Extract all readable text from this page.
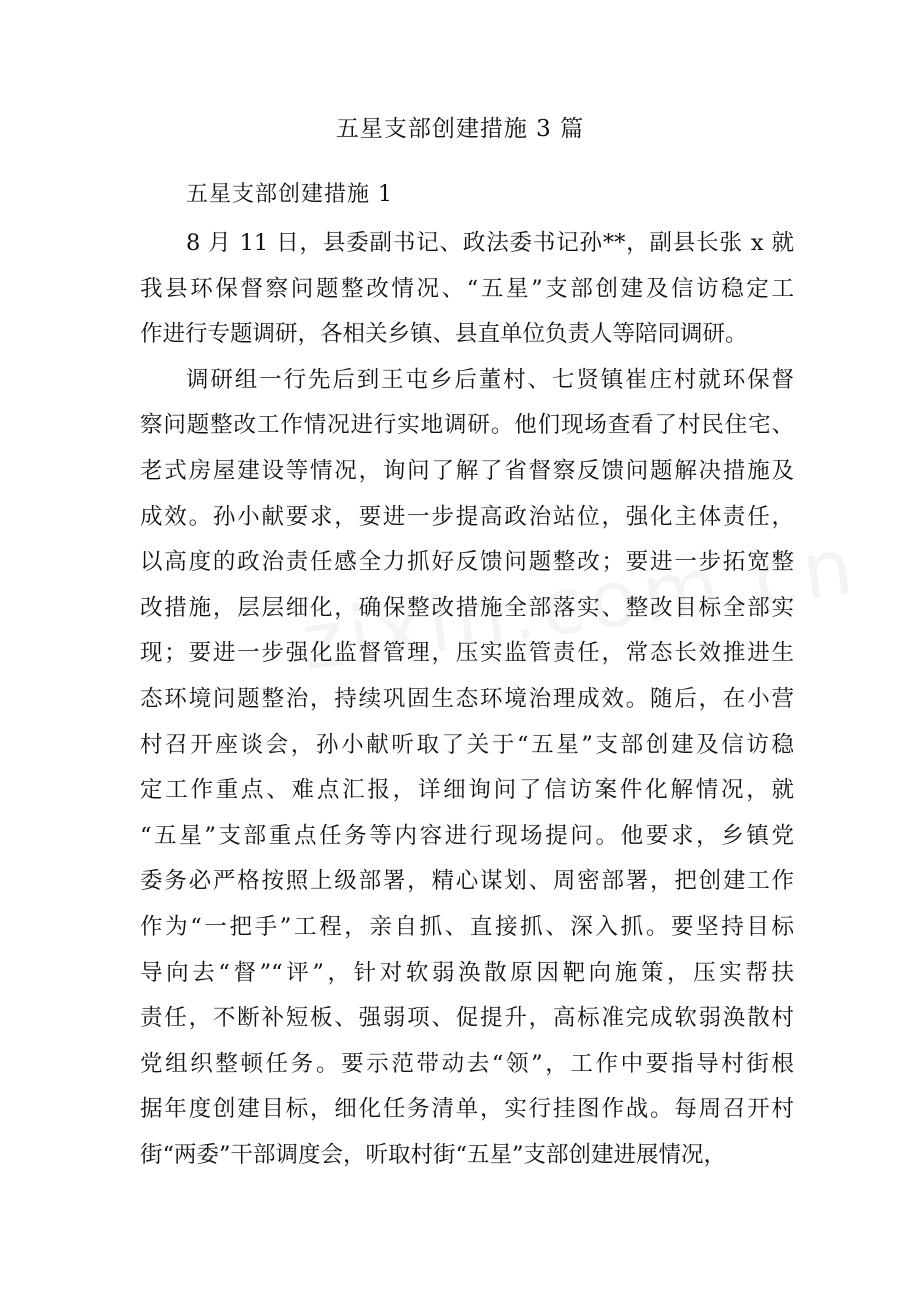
五星支部创建措施 3 篇
五星支部创建措施 1
8 月 11 日，县委副书记、政法委书记孙**，副县长张 x 就
我县环保督察问题整改情况、“五星”支部创建及信访稳定工
作进行专题调研，各相关乡镇、县直单位负责人等陪同调研。
调研组一行先后到王屯乡后董村、七贤镇崔庄村就环保督
察问题整改工作情况进行实地调研。他们现场查看了村民住宅、
老式房屋建设等情况，询问了解了省督察反馈问题解决措施及
成效。孙小献要求，要进一步提高政治站位，强化主体责任，
以高度的政治责任感全力抓好反馈问题整改；要进一步拓宽整
改措施，层层细化，确保整改措施全部落实、整改目标全部实
现；要进一步强化监督管理，压实监管责任，常态长效推进生
态环境问题整治，持续巩固生态环境治理成效。随后，在小营
村召开座谈会，孙小献听取了关于“五星”支部创建及信访稳
定工作重点、难点汇报，详细询问了信访案件化解情况，就
“五星”支部重点任务等内容进行现场提问。他要求，乡镇党
委务必严格按照上级部署，精心谋划、周密部署，把创建工作
作为“一把手”工程，亲自抓、直接抓、深入抓。要坚持目标
导向去“督”“评”，针对软弱涣散原因靶向施策，压实帮扶
责任，不断补短板、强弱项、促提升，高标准完成软弱涣散村
党组织整顿任务。要示范带动去“领”，工作中要指导村街根
据年度创建目标，细化任务清单，实行挂图作战。每周召开村
街“两委”干部调度会，听取村街“五星”支部创建进展情况，
